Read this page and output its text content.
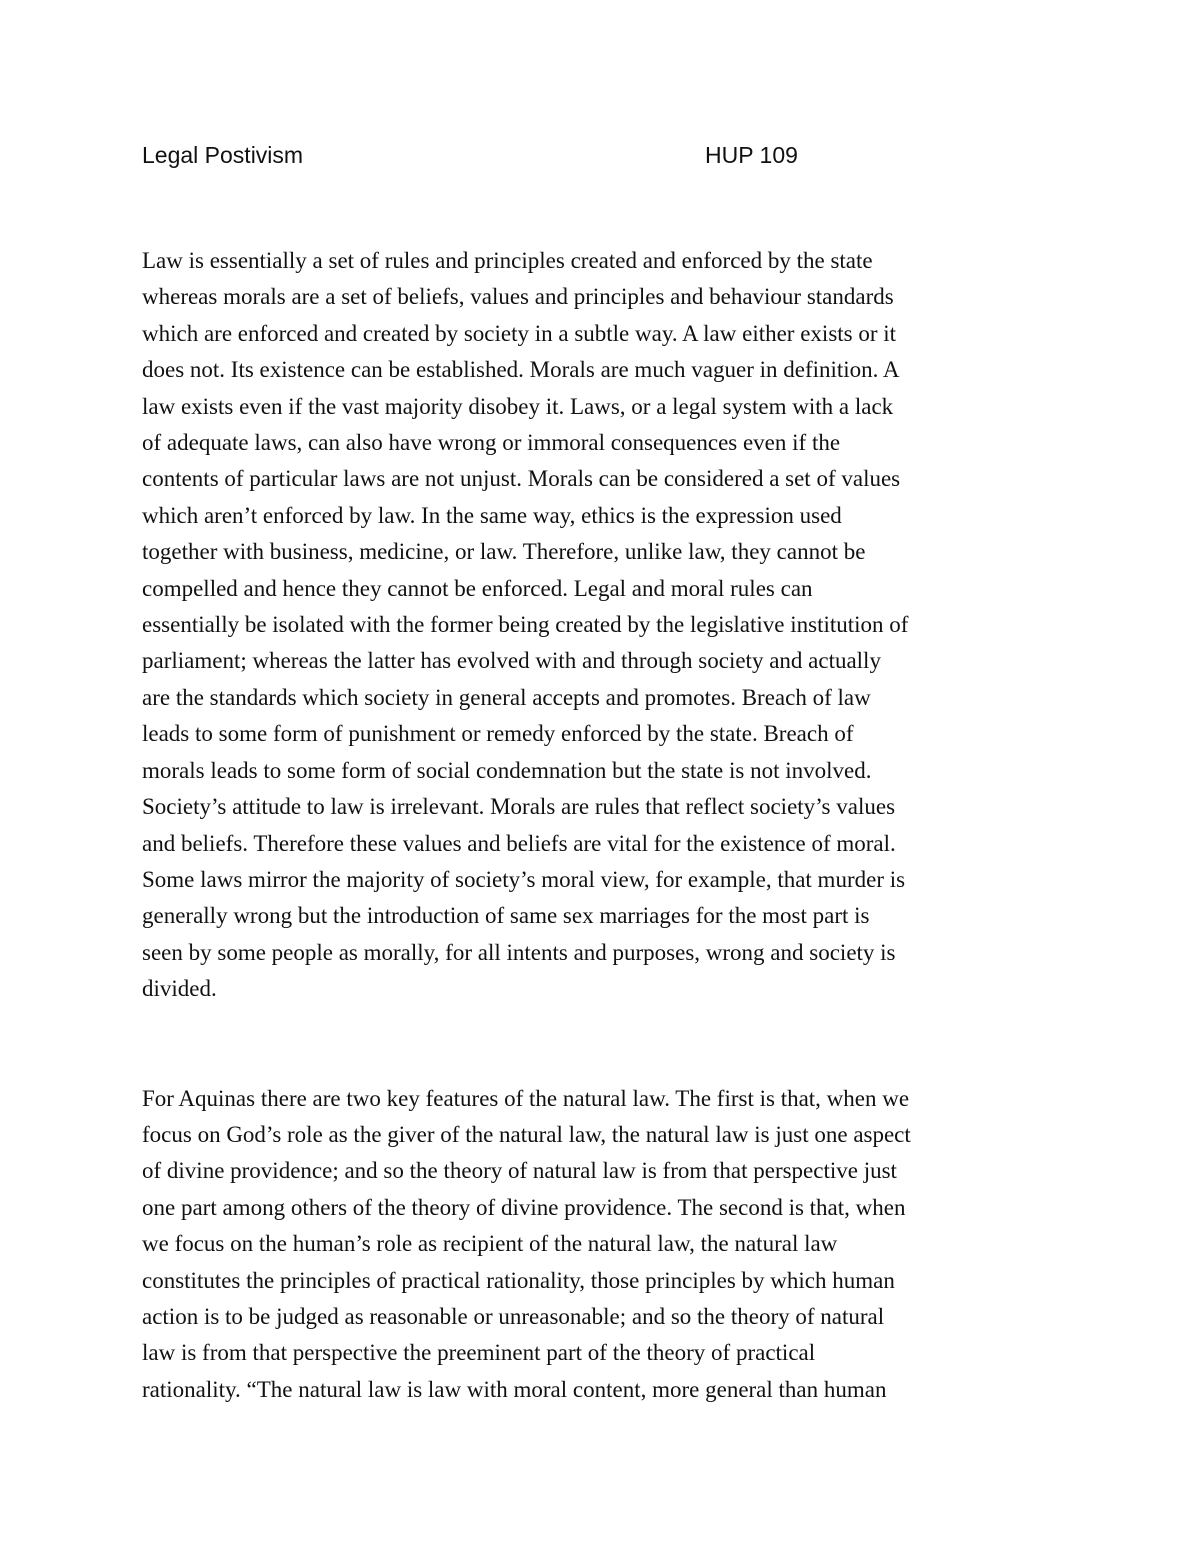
Legal Postivism	HUP 109
Law is essentially a set of rules and principles created and enforced by the state
whereas morals are a set of beliefs, values and principles and behaviour standards
which are enforced and created by society in a subtle way. A law either exists or it
does not. Its existence can be established. Morals are much vaguer in definition. A
law exists even if the vast majority disobey it. Laws, or a legal system with a lack
of adequate laws, can also have wrong or immoral consequences even if the
contents of particular laws are not unjust. Morals can be considered a set of values
which aren’t enforced by law. In the same way, ethics is the expression used
together with business, medicine, or law. Therefore, unlike law, they cannot be
compelled and hence they cannot be enforced. Legal and moral rules can
essentially be isolated with the former being created by the legislative institution of
parliament; whereas the latter has evolved with and through society and actually
are the standards which society in general accepts and promotes. Breach of law
leads to some form of punishment or remedy enforced by the state. Breach of
morals leads to some form of social condemnation but the state is not involved.
Society’s attitude to law is irrelevant. Morals are rules that reflect society’s values
and beliefs. Therefore these values and beliefs are vital for the existence of moral.
Some laws mirror the majority of society’s moral view, for example, that murder is
generally wrong but the introduction of same sex marriages for the most part is
seen by some people as morally, for all intents and purposes, wrong and society is
divided.
For Aquinas there are two key features of the natural law. The first is that, when we
focus on God’s role as the giver of the natural law, the natural law is just one aspect
of divine providence; and so the theory of natural law is from that perspective just
one part among others of the theory of divine providence. The second is that, when
we focus on the human’s role as recipient of the natural law, the natural law
constitutes the principles of practical rationality, those principles by which human
action is to be judged as reasonable or unreasonable; and so the theory of natural
law is from that perspective the preeminent part of the theory of practical
rationality. “The natural law is law with moral content, more general than human
